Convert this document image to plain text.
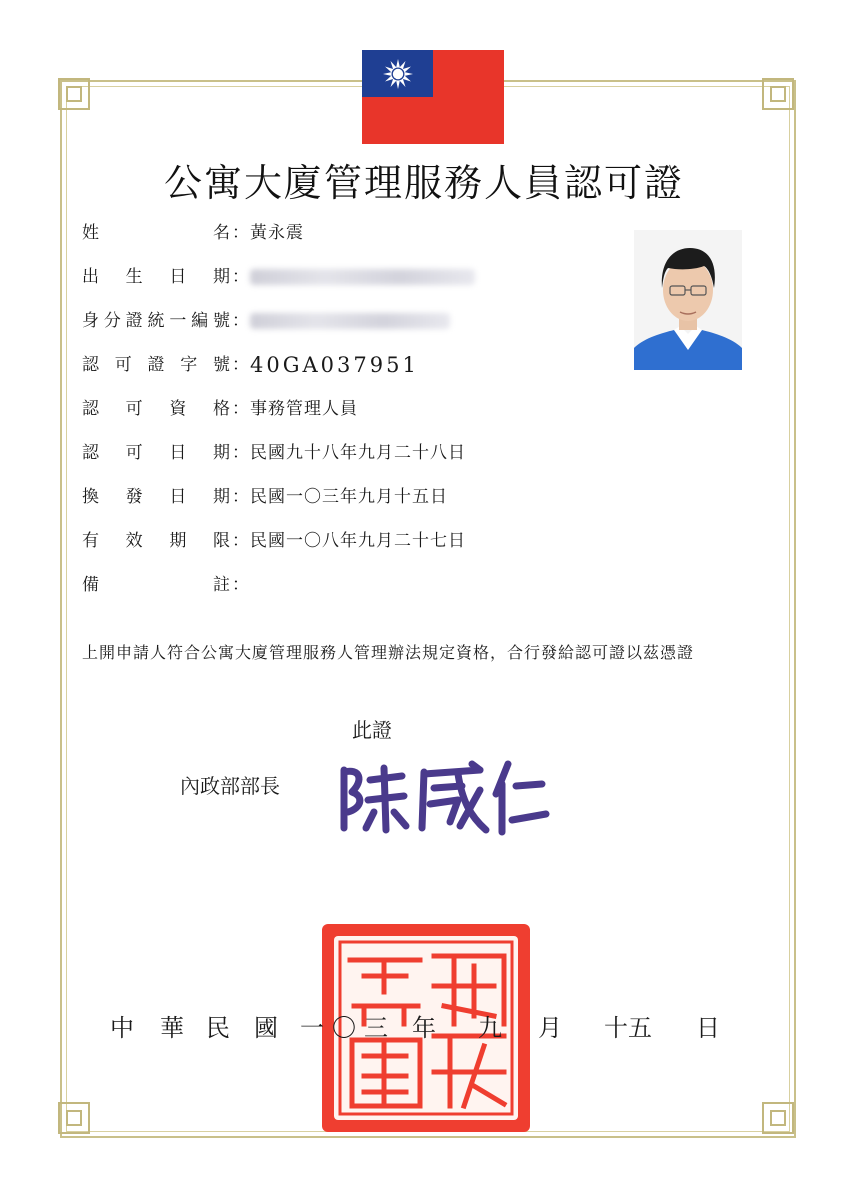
公寓大廈管理服務人員認可證
姓	名 ： 黃永震
出 生 日 期 ：
身 分 證 統 一 編 號 ：
認 可 證 字 號 ： 40GA037951
認 可 資 格 ： 事務管理人員
認 可 日 期 ： 民國九十八年九月二十八日
換 發 日 期 ： 民國一〇三年九月十五日
有 效 期 限 ： 民國一〇八年九月二十七日
備	註 ：
上開申請人符合公寓大廈管理服務人管理辦法規定資格，合行發給認可證以茲憑證
此證
內政部部長
中 華 民 國 一 〇 三 年 九 月 十五 日
